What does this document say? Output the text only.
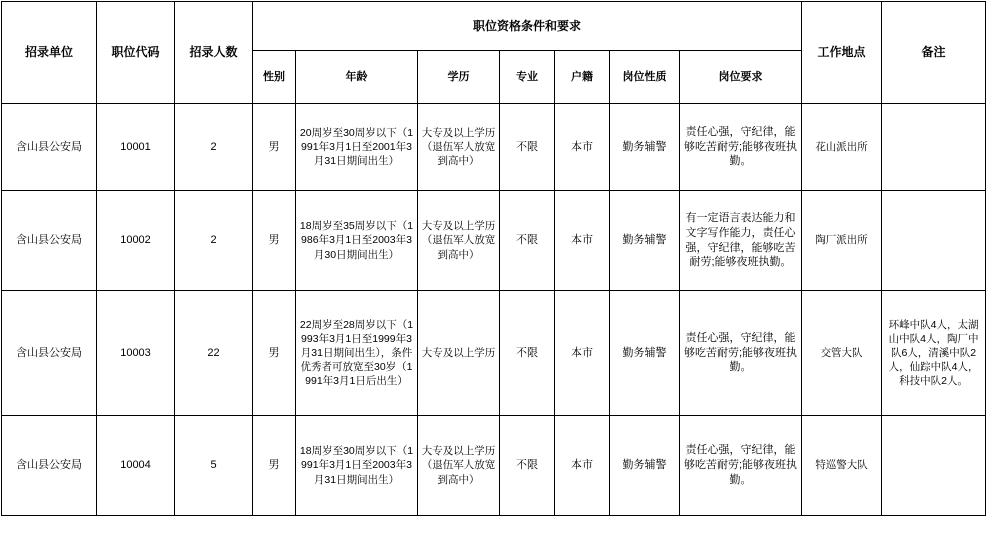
招录单位	职位代码	招录人数	职位资格条件和要求							工作地点	备注
			性别	年龄	学历	专业	户籍	岗位性质	岗位要求		
含山县公安局	10001	2	男	20周岁至30周岁以下（1991年3月1日至2001年3月31日期间出生）	大专及以上学历（退伍军人放宽到高中）	不限	本市	勤务辅警	责任心强，守纪律，能够吃苦耐劳;能够夜班执勤。	花山派出所	
含山县公安局	10002	2	男	18周岁至35周岁以下（1986年3月1日至2003年3月30日期间出生）	大专及以上学历（退伍军人放宽到高中）	不限	本市	勤务辅警	有一定语言表达能力和文字写作能力，责任心强，守纪律，能够吃苦耐劳;能够夜班执勤。	陶厂派出所	
含山县公安局	10003	22	男	22周岁至28周岁以下（1993年3月1日至1999年3月31日期间出生），条件优秀者可放宽至30岁（1991年3月1日后出生）	大专及以上学历	不限	本市	勤务辅警	责任心强，守纪律，能够吃苦耐劳;能够夜班执勤。	交管大队	环峰中队4人，太湖山中队4人，陶厂中队6人，清溪中队2人，仙踪中队4人，科技中队2人。
含山县公安局	10004	5	男	18周岁至30周岁以下（1991年3月1日至2003年3月31日期间出生）	大专及以上学历（退伍军人放宽到高中）	不限	本市	勤务辅警	责任心强，守纪律，能够吃苦耐劳;能够夜班执勤。	特巡警大队	
